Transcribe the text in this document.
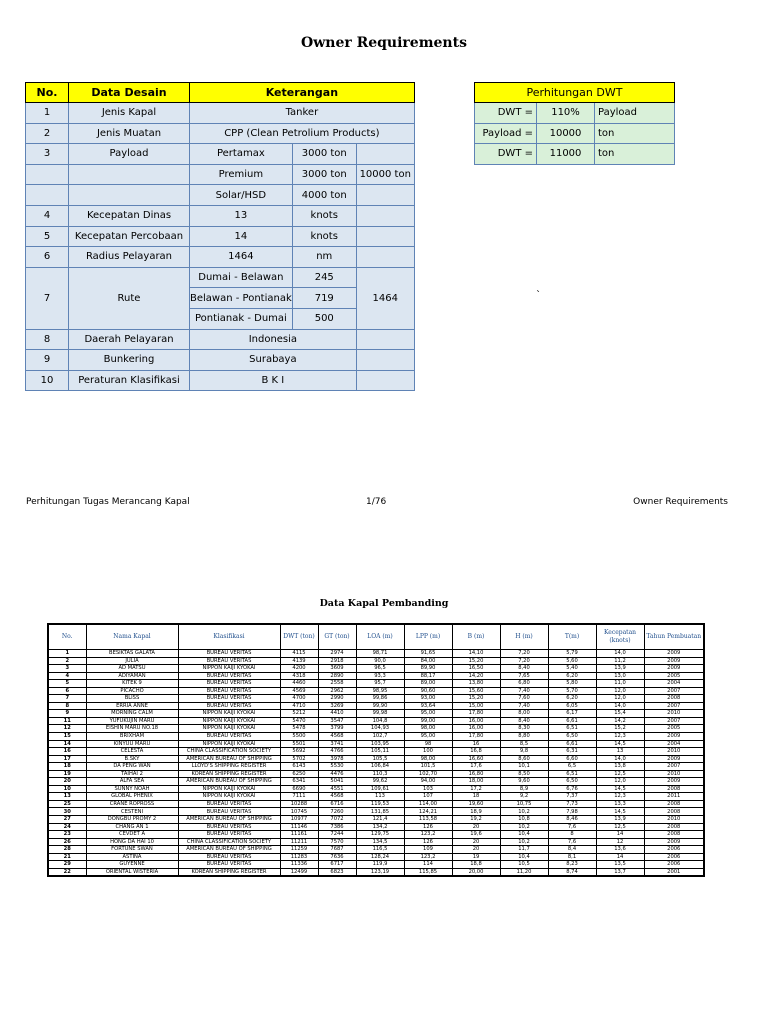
Owner Requirements
No.	Data Desain	Keterangan		
1	Jenis Kapal	Tanker		
2	Jenis Muatan	CPP (Clean Petrolium Products)		
3	Payload	Pertamax	3000 ton	
		Premium	3000 ton	10000 ton
		Solar/HSD	4000 ton	
4	Kecepatan Dinas	13	knots	
5	Kecepatan Percobaan	14	knots	
6	Radius Pelayaran	1464	nm	
7	Rute	Dumai - Belawan	245	1464
		Belawan - Pontianak	719	
		Pontianak - Dumai	500	
8	Daerah Pelayaran	Indonesia		
9	Bunkering	Surabaya		
10	Peraturan Klasifikasi	B K I		
Perhitungan DWT		
DWT =	110%	Payload
Payload =	10000	ton
DWT =	11000	ton
`
Perhitungan Tugas Merancang Kapal	1/76	Owner Requirements
Data Kapal Pembanding
No.	Nama Kapal	Klasifikasi	DWT (ton)	GT (ton)	LOA (m)	LPP (m)	B (m)	H (m)	T(m)	Kecepatan (knots)	Tahun Pembuatan
1	BESIKTAS GALATA	BUREAU VERITAS	4115	2974	98,71	91,65	14,10	7,20	5,79	14,0	2009
2	JULIA	BUREAU VERITAS	4139	2918	90,0	84,00	15,20	7,20	5,60	11,2	2009
3	AD MATSU	NIPPON KAIJI KYOKAI	4200	3609	96,5	89,90	16,50	8,40	5,40	13,9	2009
4	ADIYAMAN	BUREAU VERITAS	4318	2890	93,3	88,17	14,20	7,65	6,20	13,0	2005
5	KITEK 9	BUREAU VERITAS	4460	2558	95,7	89,00	13,80	6,80	5,80	11,0	2004
6	PICACHO	BUREAU VERITAS	4569	2962	98,95	90,60	15,60	7,40	5,70	12,0	2007
7	BLISS	BUREAU VERITAS	4700	2990	99,86	93,00	15,20	7,60	6,20	12,0	2008
8	ERRIA ANNE	BUREAU VERITAS	4710	3269	99,90	93,64	15,00	7,40	6,05	14,0	2007
9	MORNING CALM	NIPPON KAIJI KYOKAI	5212	4410	99,98	95,00	17,80	8,00	6,17	15,4	2010
11	YUFUKUJIN MARU	NIPPON KAIJI KYOKAI	5470	3547	104,8	99,00	16,00	8,40	6,61	14,2	2007
12	EISHIN MARU NO.18	NIPPON KAIJI KYOKAI	5478	3799	104,93	98,00	16,00	8,30	6,51	15,2	2005
15	BRIXHAM	BUREAU VERITAS	5500	4568	102,7	95,00	17,80	8,80	6,50	12,3	2009
14	KINYUU MARU	NIPPON KAIJI KYOKAI	5501	3741	103,95	98	16	8,5	6,61	14,5	2004
16	CELESTA	CHINA CLASSIFICATION SOCIETY	5692	4766	105,11	100	16,8	9,8	6,31	13	2010
17	B.SKY	AMERICAN BUREAU OF SHIPPING	5702	3978	105,5	98,00	16,60	8,60	6,60	14,0	2009
18	DA PENG WAN	LLOYD'S SHIPPING REGISTER	6143	5530	106,84	101,5	17,6	10,1	6,5	13,8	2007
19	TAIHAI 2	KOREAN SHIPPING REGISTER	6250	4476	110,3	102,70	16,80	8,50	6,51	12,5	2010
20	ALFA SEA	AMERICAN BUREAU OF SHIPPING	6341	5041	99,62	94,00	18,00	9,60	6,50	12,0	2009
10	SUNNY NOAH	NIPPON KAIJI KYOKAI	6690	4551	109,61	103	17,2	8,9	6,76	14,5	2008
13	GLOBAL PHENIX	NIPPON KAIJI KYOKAI	7111	4568	113	107	18	9,2	7,37	12,3	2011
25	CRANE ROPROSS	BUREAU VERITAS	10288	6716	119,53	114,00	19,60	10,75	7,73	13,3	2008
30	CESTENI	BUREAU VERITAS	10745	7260	131,85	124,21	18,9	10,2	7,98	14,5	2008
27	DONGBU PROMY 2	AMERICAN BUREAU OF SHIPPING	10977	7072	121,4	113,58	19,2	10,8	8,46	13,9	2010
24	CHANG AN 1	BUREAU VERITAS	11146	7386	134,2	126	20	10,2	7,6	12,5	2008
23	CEVDET A	BUREAU VERITAS	11161	7244	129,75	123,2	19,6	10,4	8	14	2008
26	HONG DA HAI 10	CHINA CLASSIFICATION SOCIETY	11211	7570	134,5	126	20	10,2	7,6	12	2009
28	FORTUNE SWAN	AMERICAN BUREAU OF SHIPPING	11259	7687	116,5	109	20	11,7	8,4	13,6	2006
21	ASTINA	BUREAU VERITAS	11283	7636	128,24	123,2	19	10,4	8,1	14	2006
29	GUYENNE	BUREAU VERITAS	11336	6717	119,9	114	18,8	10,5	8,23	13,5	2006
22	ORIENTAL WISTERIA	KOREAN SHIPPING REGISTER	12499	6823	123,19	115,85	20,00	11,20	8,74	13,7	2001
